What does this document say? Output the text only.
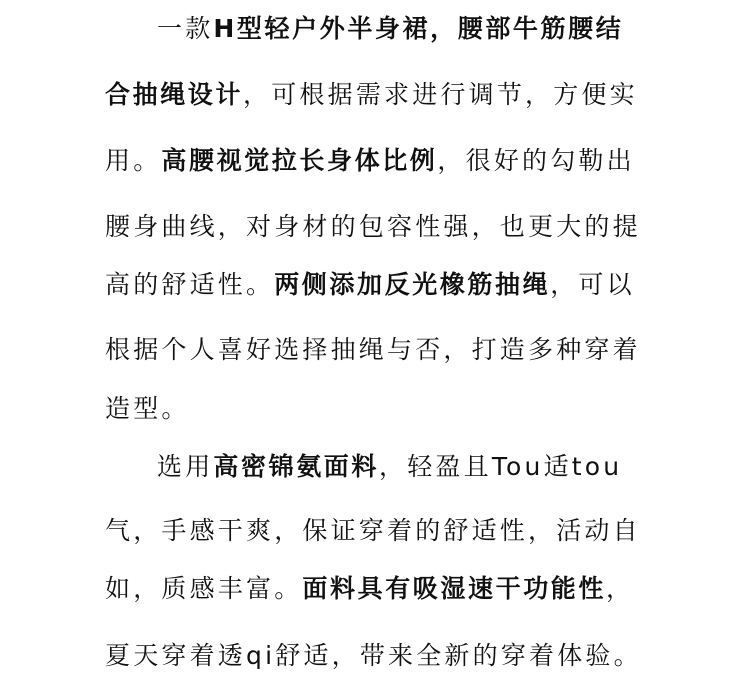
一款H型轻户外半身裙，腰部牛筋腰结
合抽绳设计，可根据需求进行调节，方便实
用。高腰视觉拉长身体比例，很好的勾勒出
腰身曲线，对身材的包容性强，也更大的提
高的舒适性。两侧添加反光橡筋抽绳，可以
根据个人喜好选择抽绳与否，打造多种穿着
造型。
选用高密锦氨面料，轻盈且Tou适tou
气，手感干爽，保证穿着的舒适性，活动自
如，质感丰富。面料具有吸湿速干功能性，
夏天穿着透qi舒适，带来全新的穿着体验。
